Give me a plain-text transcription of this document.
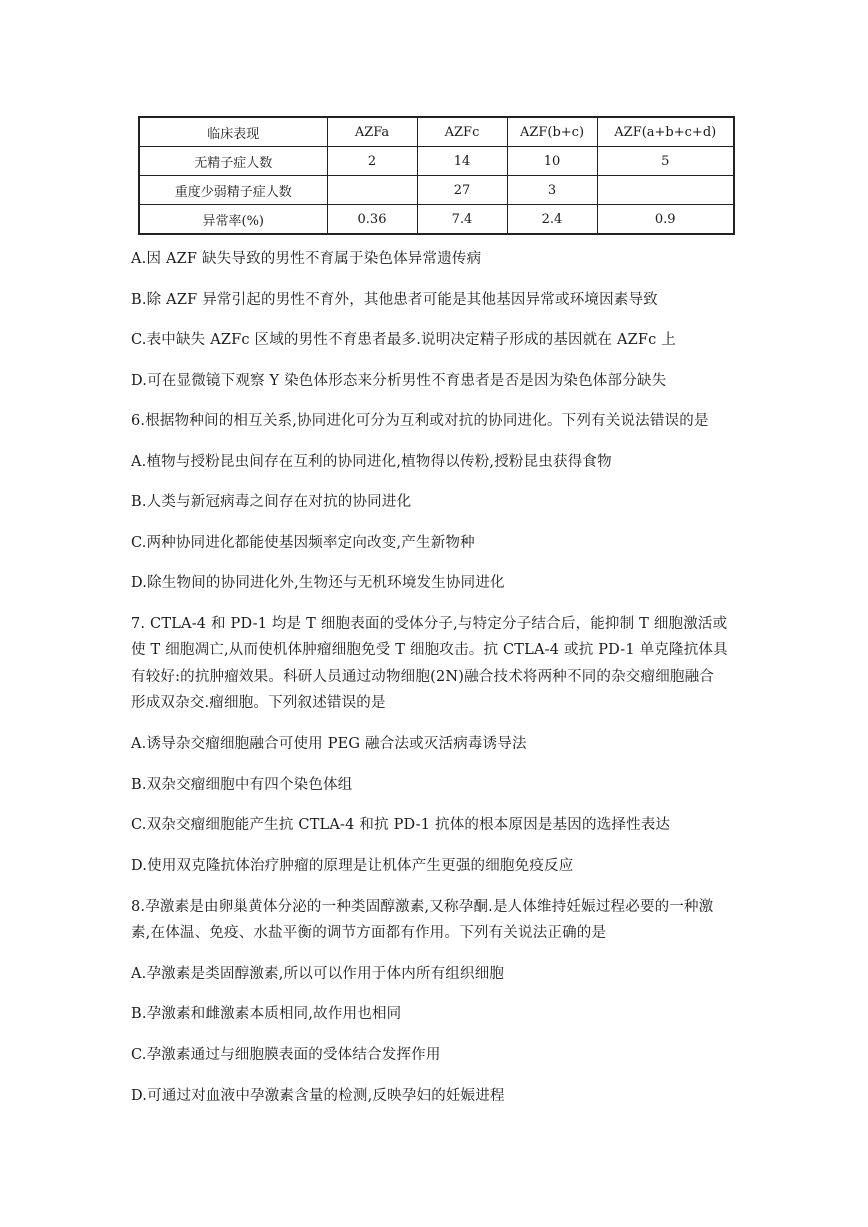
临床表现	AZFa	AZFc	AZF(b+c)	AZF(a+b+c+d)
无精子症人数	2	14	10	5
重度少弱精子症人数		27	3	
异常率(%)	0.36	7.4	2.4	0.9
A.因 AZF 缺失导致的男性不育属于染色体异常遗传病
B.除 AZF 异常引起的男性不育外，其他患者可能是其他基因异常或环境因素导致
C.表中缺失 AZFc 区域的男性不育患者最多.说明决定精子形成的基因就在 AZFc 上
D.可在显微镜下观察 Y 染色体形态来分析男性不育患者是否是因为染色体部分缺失
6.根据物种间的相互关系,协同进化可分为互利或对抗的协同进化。下列有关说法错误的是
A.植物与授粉昆虫间存在互利的协同进化,植物得以传粉,授粉昆虫获得食物
B.人类与新冠病毒之间存在对抗的协同进化
C.两种协同进化都能使基因频率定向改变,产生新物种
D.除生物间的协同进化外,生物还与无机环境发生协同进化
7. CTLA-4 和 PD-1 均是 T 细胞表面的受体分子,与特定分子结合后，能抑制 T 细胞激活或
使 T 细胞凋亡,从而使机体肿瘤细胞免受 T 细胞攻击。抗 CTLA-4 或抗 PD-1 单克隆抗体具
有较好:的抗肿瘤效果。科研人员通过动物细胞(2N)融合技术将两种不同的杂交瘤细胞融合
形成双杂交.瘤细胞。下列叙述错误的是
A.诱导杂交瘤细胞融合可使用 PEG 融合法或灭活病毒诱导法
B.双杂交瘤细胞中有四个染色体组
C.双杂交瘤细胞能产生抗 CTLA-4 和抗 PD-1 抗体的根本原因是基因的选择性表达
D.使用双克隆抗体治疗肿瘤的原理是让机体产生更强的细胞免疫反应
8.孕激素是由卵巢黄体分泌的一种类固醇激素,又称孕酮.是人体维持妊娠过程必要的一种激
素,在体温、免疫、水盐平衡的调节方面都有作用。下列有关说法正确的是
A.孕激素是类固醇激素,所以可以作用于体内所有组织细胞
B.孕激素和雌激素本质相同,故作用也相同
C.孕激素通过与细胞膜表面的受体结合发挥作用
D.可通过对血液中孕激素含量的检测,反映孕妇的妊娠进程
